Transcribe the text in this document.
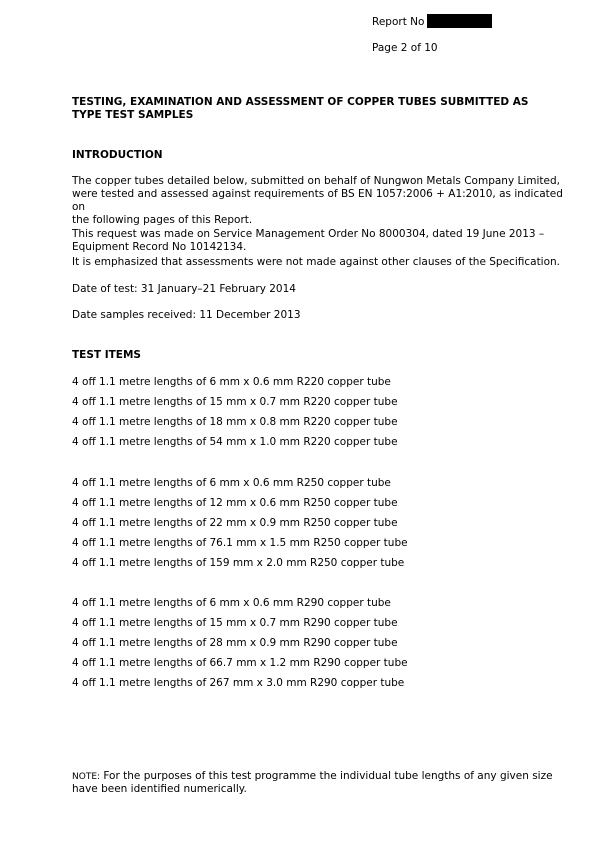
Report No
Page 2 of 10
TESTING, EXAMINATION AND ASSESSMENT OF COPPER TUBES SUBMITTED AS TYPE TEST SAMPLES
INTRODUCTION
The copper tubes detailed below, submitted on behalf of Nungwon Metals Company Limited,
were tested and assessed against requirements of BS EN 1057:2006 + A1:2010, as indicated on
the following pages of this Report.
This request was made on Service Management Order No 8000304, dated 19 June 2013 –
Equipment Record No 10142134.
It is emphasized that assessments were not made against other clauses of the Specification.
Date of test: 31 January–21 February 2014
Date samples received: 11 December 2013
TEST ITEMS
4 off 1.1 metre lengths of 6 mm x 0.6 mm R220 copper tube
4 off 1.1 metre lengths of 15 mm x 0.7 mm R220 copper tube
4 off 1.1 metre lengths of 18 mm x 0.8 mm R220 copper tube
4 off 1.1 metre lengths of 54 mm x 1.0 mm R220 copper tube
4 off 1.1 metre lengths of 6 mm x 0.6 mm R250 copper tube
4 off 1.1 metre lengths of 12 mm x 0.6 mm R250 copper tube
4 off 1.1 metre lengths of 22 mm x 0.9 mm R250 copper tube
4 off 1.1 metre lengths of 76.1 mm x 1.5 mm R250 copper tube
4 off 1.1 metre lengths of 159 mm x 2.0 mm R250 copper tube
4 off 1.1 metre lengths of 6 mm x 0.6 mm R290 copper tube
4 off 1.1 metre lengths of 15 mm x 0.7 mm R290 copper tube
4 off 1.1 metre lengths of 28 mm x 0.9 mm R290 copper tube
4 off 1.1 metre lengths of 66.7 mm x 1.2 mm R290 copper tube
4 off 1.1 metre lengths of 267 mm x 3.0 mm R290 copper tube
NOTE: For the purposes of this test programme the individual tube lengths of any given size
have been identified numerically.
